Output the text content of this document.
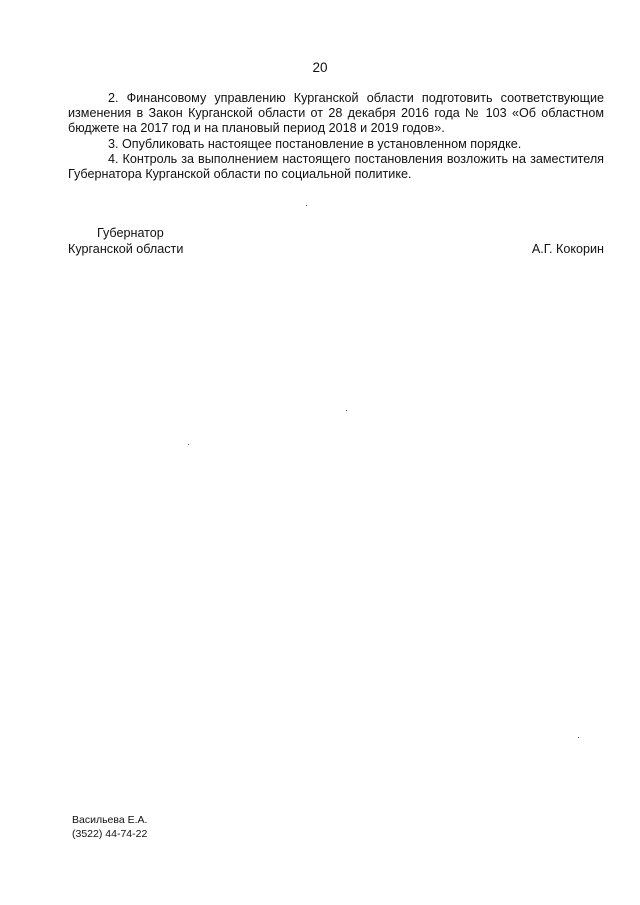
20

2. Финансовому управлению Курганской области подготовить соответствующие изменения в Закон Курганской области от 28 декабря 2016 года № 103 «Об областном бюджете на 2017 год и на плановый период 2018 и 2019 годов».

3. Опубликовать настоящее постановление в установленном порядке.

4. Контроль за выполнением настоящего постановления возложить на заместителя Губернатора Курганской области по социальной политике.

Губернатор
Курганской области	А.Г. Кокорин
Васильева Е.А.
(3522) 44-74-22
